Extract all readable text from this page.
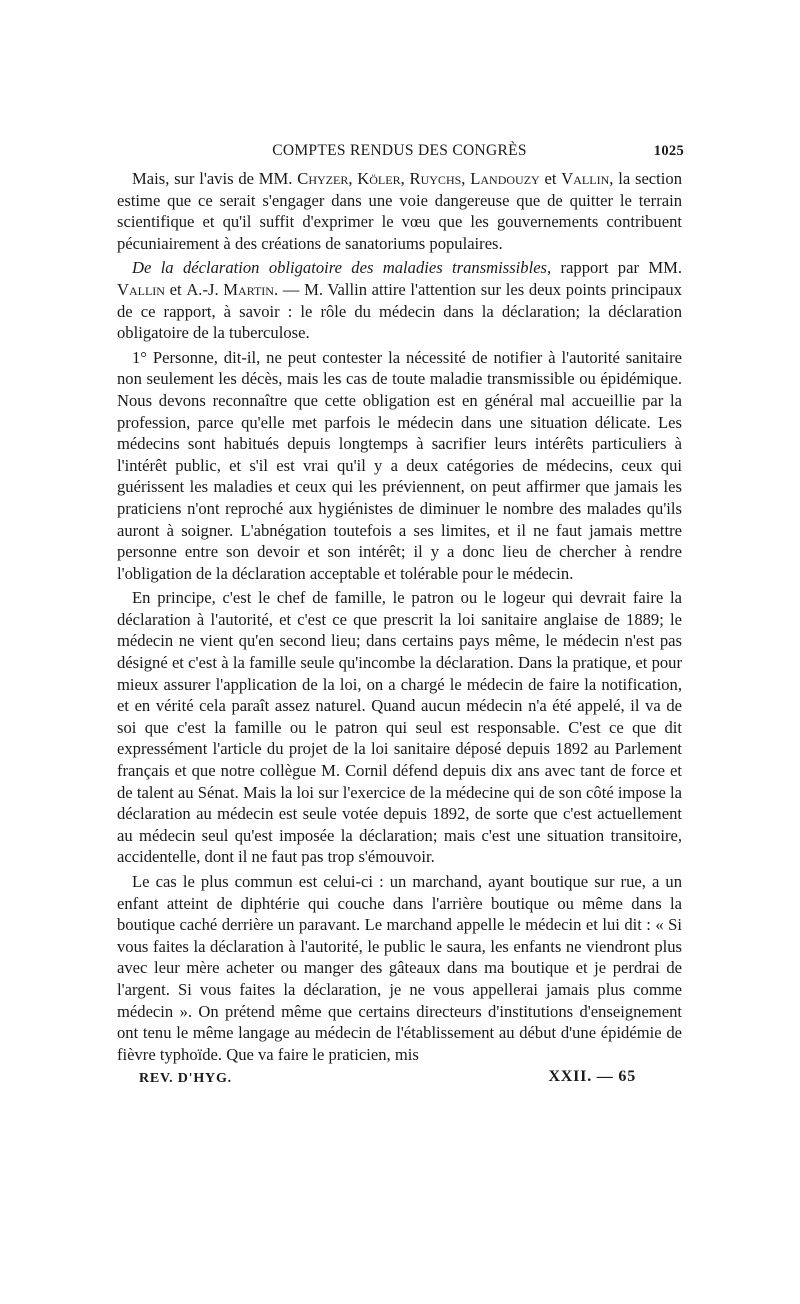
COMPTES RENDUS DES CONGRÈS	1025

Mais, sur l'avis de MM. Chyzer, Köler, Ruychs, Landouzy et Vallin, la section estime que ce serait s'engager dans une voie dangereuse que de quitter le terrain scientifique et qu'il suffit d'exprimer le vœu que les gouvernements contribuent pécuniairement à des créations de sanatoriums populaires.

De la déclaration obligatoire des maladies transmissibles, rapport par MM. Vallin et A.-J. Martin. — M. Vallin attire l'attention sur les deux points principaux de ce rapport, à savoir : le rôle du médecin dans la déclaration; la déclaration obligatoire de la tuberculose.

1° Personne, dit-il, ne peut contester la nécessité de notifier à l'autorité sanitaire non seulement les décès, mais les cas de toute maladie transmissible ou épidémique. Nous devons reconnaître que cette obligation est en général mal accueillie par la profession, parce qu'elle met parfois le médecin dans une situation délicate. Les médecins sont habitués depuis longtemps à sacrifier leurs intérêts particuliers à l'intérêt public, et s'il est vrai qu'il y a deux catégories de médecins, ceux qui guérissent les maladies et ceux qui les préviennent, on peut affirmer que jamais les praticiens n'ont reproché aux hygiénistes de diminuer le nombre des malades qu'ils auront à soigner. L'abnégation toutefois a ses limites, et il ne faut jamais mettre personne entre son devoir et son intérêt; il y a donc lieu de chercher à rendre l'obligation de la déclaration acceptable et tolérable pour le médecin.

En principe, c'est le chef de famille, le patron ou le logeur qui devrait faire la déclaration à l'autorité, et c'est ce que prescrit la loi sanitaire anglaise de 1889; le médecin ne vient qu'en second lieu; dans certains pays même, le médecin n'est pas désigné et c'est à la famille seule qu'incombe la déclaration. Dans la pratique, et pour mieux assurer l'application de la loi, on a chargé le médecin de faire la notification, et en vérité cela paraît assez naturel. Quand aucun médecin n'a été appelé, il va de soi que c'est la famille ou le patron qui seul est responsable. C'est ce que dit expressément l'article du projet de la loi sanitaire déposé depuis 1892 au Parlement français et que notre collègue M. Cornil défend depuis dix ans avec tant de force et de talent au Sénat. Mais la loi sur l'exercice de la médecine qui de son côté impose la déclaration au médecin est seule votée depuis 1892, de sorte que c'est actuellement au médecin seul qu'est imposée la déclaration; mais c'est une situation transitoire, accidentelle, dont il ne faut pas trop s'émouvoir.

Le cas le plus commun est celui-ci : un marchand, ayant boutique sur rue, a un enfant atteint de diphtérie qui couche dans l'arrière boutique ou même dans la boutique caché derrière un paravant. Le marchand appelle le médecin et lui dit : « Si vous faites la déclaration à l'autorité, le public le saura, les enfants ne viendront plus avec leur mère acheter ou manger des gâteaux dans ma boutique et je perdrai de l'argent. Si vous faites la déclaration, je ne vous appellerai jamais plus comme médecin ». On prétend même que certains directeurs d'institutions d'enseignement ont tenu le même langage au médecin de l'établissement au début d'une épidémie de fièvre typhoïde. Que va faire le praticien, mis

REV. D'HYG.	XXII. — 65
